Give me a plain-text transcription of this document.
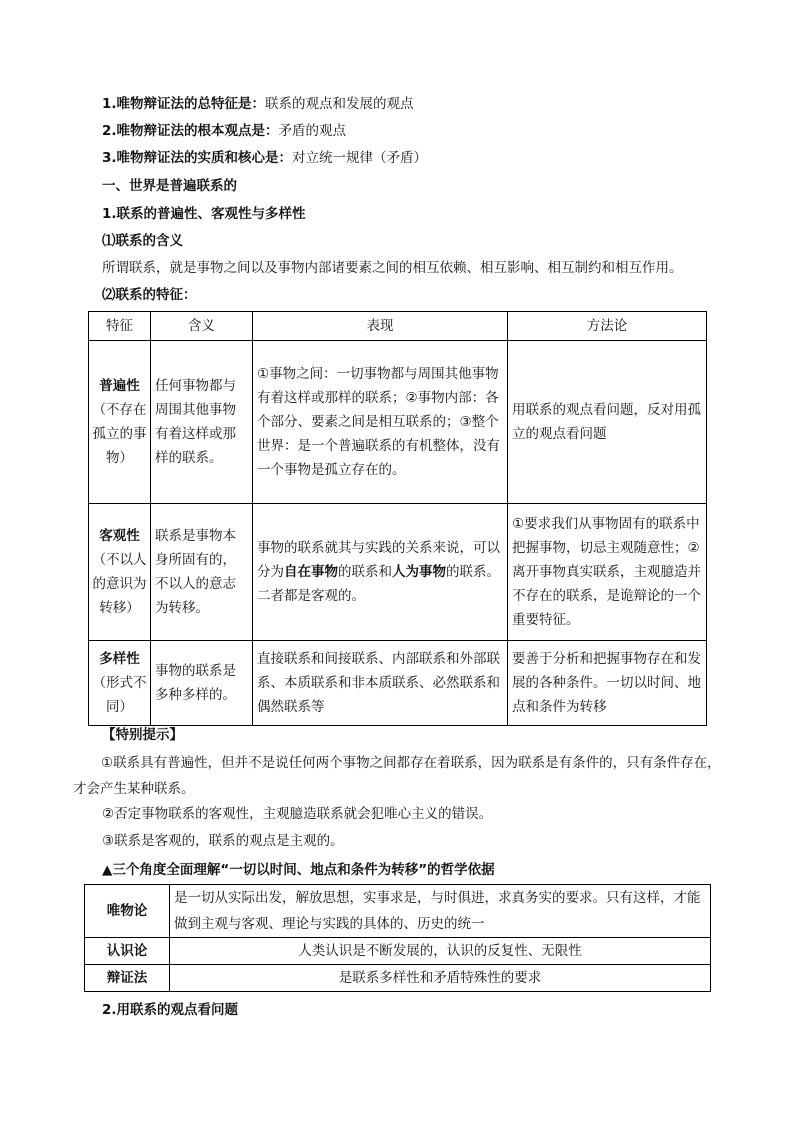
1.唯物辩证法的总特征是：联系的观点和发展的观点
2.唯物辩证法的根本观点是：矛盾的观点
3.唯物辩证法的实质和核心是：对立统一规律（矛盾）
一、世界是普遍联系的
1.联系的普遍性、客观性与多样性
⑴联系的含义
所谓联系，就是事物之间以及事物内部诸要素之间的相互依赖、相互影响、相互制约和相互作用。
⑵联系的特征：
特征	含义	表现	方法论

普遍性
（不存在孤立的事物）	任何事物都与周围其他事物有着这样或那样的联系。	①事物之间：一切事物都与周围其他事物有着这样或那样的联系；②事物内部：各个部分、要素之间是相互联系的；③整个世界：是一个普遍联系的有机整体，没有一个事物是孤立存在的。	用联系的观点看问题，反对用孤立的观点看问题

客观性
（不以人的意识为转移）	联系是事物本身所固有的，不以人的意志为转移。	事物的联系就其与实践的关系来说，可以分为自在事物的联系和人为事物的联系。二者都是客观的。	①要求我们从事物固有的联系中把握事物，切忌主观随意性；②离开事物真实联系，主观臆造并不存在的联系，是诡辩论的一个重要特征。

多样性
（形式不同）	事物的联系是多种多样的。	直接联系和间接联系、内部联系和外部联系、本质联系和非本质联系、必然联系和偶然联系等	要善于分析和把握事物存在和发展的各种条件。一切以时间、地点和条件为转移
【特别提示】
①联系具有普遍性，但并不是说任何两个事物之间都存在着联系，因为联系是有条件的，只有条件存在，才会产生某种联系。
②否定事物联系的客观性，主观臆造联系就会犯唯心主义的错误。
③联系是客观的，联系的观点是主观的。
▲三个角度全面理解“一切以时间、地点和条件为转移”的哲学依据
唯物论	是一切从实际出发，解放思想，实事求是，与时俱进，求真务实的要求。只有这样，才能做到主观与客观、理论与实践的具体的、历史的统一
认识论	人类认识是不断发展的，认识的反复性、无限性
辩证法	是联系多样性和矛盾特殊性的要求
2.用联系的观点看问题
